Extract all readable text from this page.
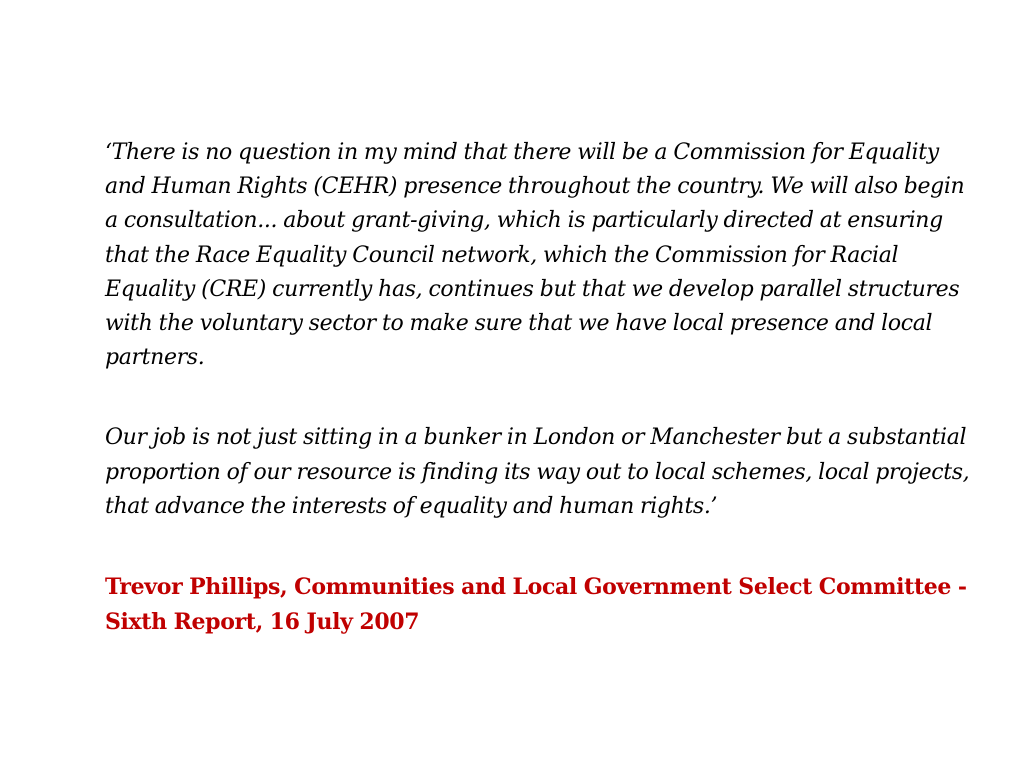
‘There is no question in my mind that there will be a Commission for Equality and Human Rights (CEHR) presence throughout the country. We will also begin a consultation... about grant-giving, which is particularly directed at ensuring that the Race Equality Council network, which the Commission for Racial Equality (CRE) currently has, continues but that we develop parallel structures with the voluntary sector to make sure that we have local presence and local partners.

Our job is not just sitting in a bunker in London or Manchester but a substantial proportion of our resource is finding its way out to local schemes, local projects, that advance the interests of equality and human rights.’

Trevor Phillips, Communities and Local Government Select Committee - Sixth Report, 16 July 2007
